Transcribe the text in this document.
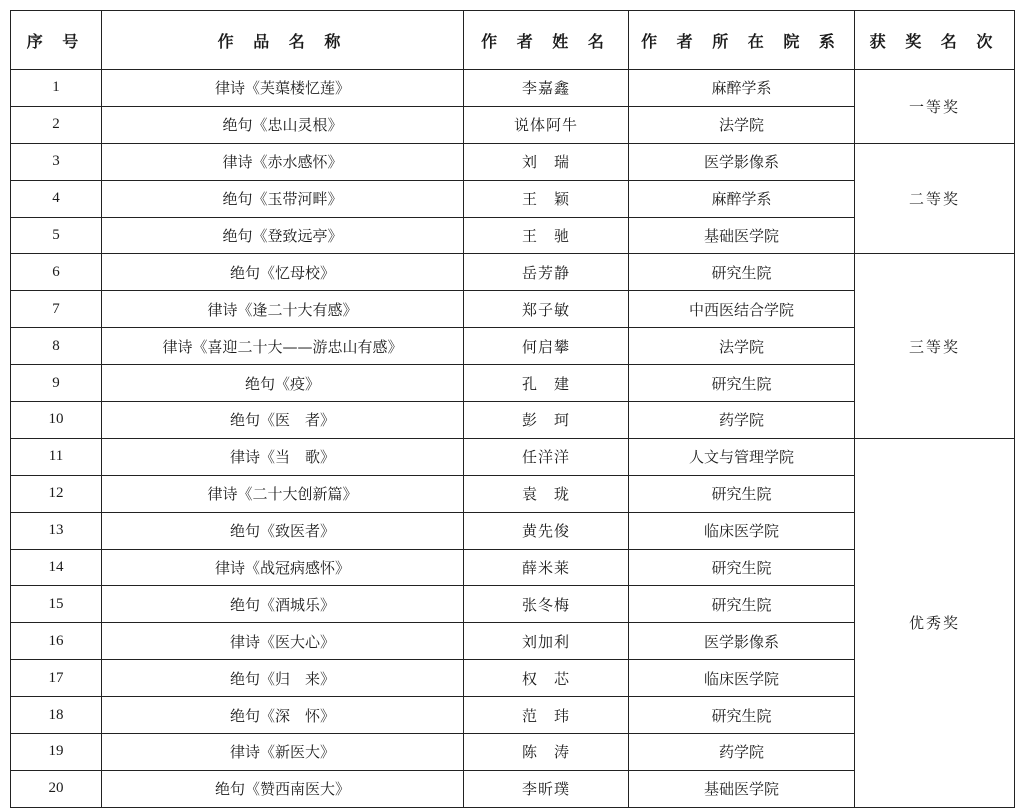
序 号	作 品 名 称	作 者 姓 名	作 者 所 在 院 系	获 奖 名 次
1	律诗《芙蕖楼忆莲》	李嘉鑫	麻醉学系	一等奖
2	绝句《忠山灵根》	说体阿牛	法学院	
3	律诗《赤水感怀》	刘　瑞	医学影像系	二等奖
4	绝句《玉带河畔》	王　颖	麻醉学系	
5	绝句《登致远亭》	王　驰	基础医学院	
6	绝句《忆母校》	岳芳静	研究生院	三等奖
7	律诗《逢二十大有感》	郑子敏	中西医结合学院	
8	律诗《喜迎二十大——游忠山有感》	何启攀	法学院	
9	绝句《疫》	孔　建	研究生院	
10	绝句《医　者》	彭　珂	药学院	
11	律诗《当　歌》	任洋洋	人文与管理学院	优秀奖
12	律诗《二十大创新篇》	袁　珑	研究生院	
13	绝句《致医者》	黄先俊	临床医学院	
14	律诗《战冠病感怀》	薛米莱	研究生院	
15	绝句《酒城乐》	张冬梅	研究生院	
16	律诗《医大心》	刘加利	医学影像系	
17	绝句《归　来》	权　芯	临床医学院	
18	绝句《深　怀》	范　玮	研究生院	
19	律诗《新医大》	陈　涛	药学院	
20	绝句《赞西南医大》	李昕璞	基础医学院	
